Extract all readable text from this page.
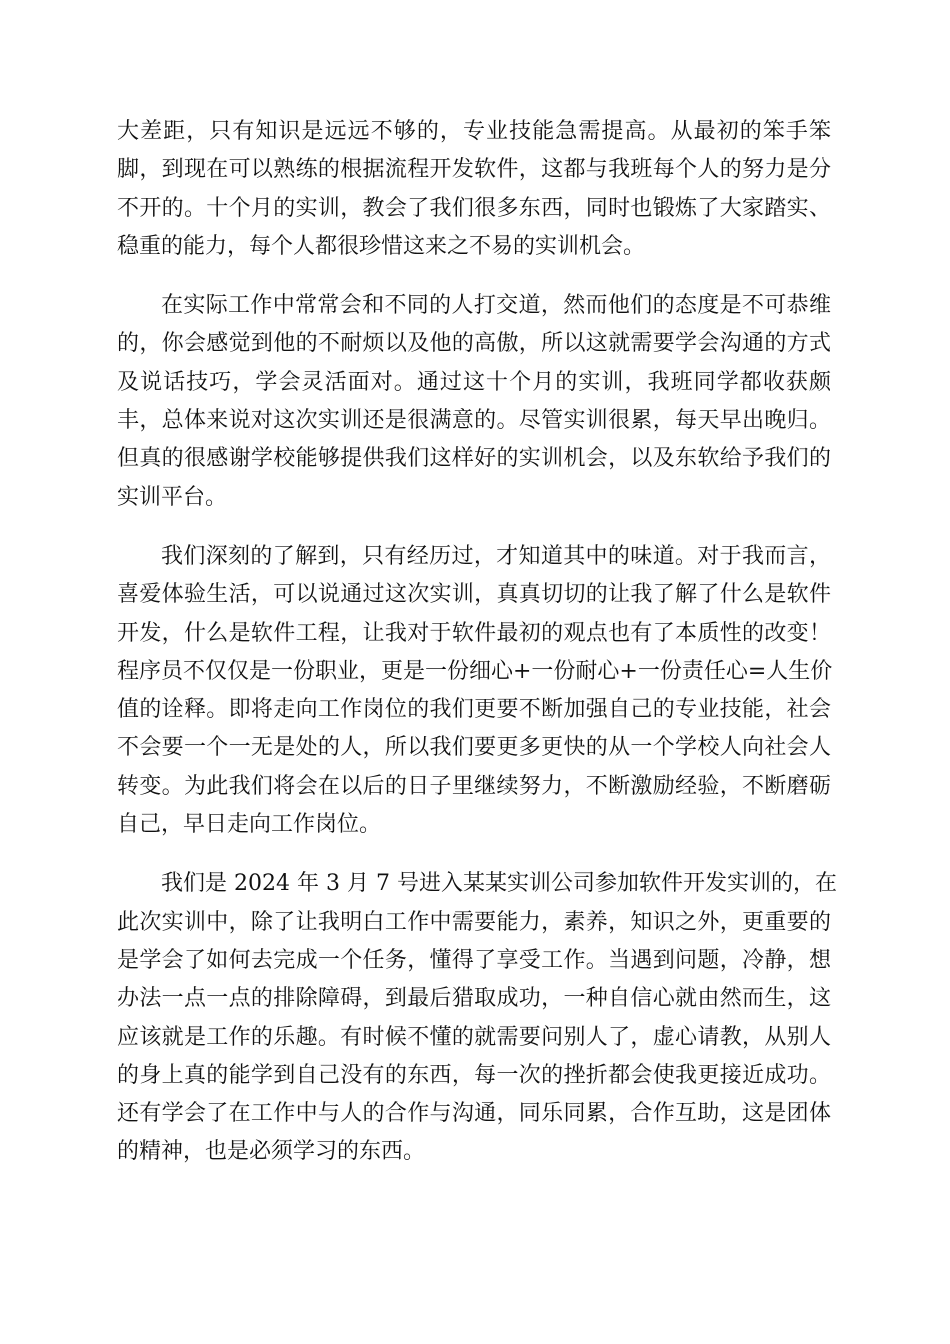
大差距，只有知识是远远不够的，专业技能急需提高。从最初的笨手笨
脚，到现在可以熟练的根据流程开发软件，这都与我班每个人的努力是分
不开的。十个月的实训，教会了我们很多东西，同时也锻炼了大家踏实、
稳重的能力，每个人都很珍惜这来之不易的实训机会。
在实际工作中常常会和不同的人打交道，然而他们的态度是不可恭维
的，你会感觉到他的不耐烦以及他的高傲，所以这就需要学会沟通的方式
及说话技巧，学会灵活面对。通过这十个月的实训，我班同学都收获颇
丰，总体来说对这次实训还是很满意的。尽管实训很累，每天早出晚归。
但真的很感谢学校能够提供我们这样好的实训机会，以及东软给予我们的
实训平台。
我们深刻的了解到，只有经历过，才知道其中的味道。对于我而言，
喜爱体验生活，可以说通过这次实训，真真切切的让我了解了什么是软件
开发，什么是软件工程，让我对于软件最初的观点也有了本质性的改变！
程序员不仅仅是一份职业，更是一份细心+一份耐心+一份责任心=人生价
值的诠释。即将走向工作岗位的我们更要不断加强自己的专业技能，社会
不会要一个一无是处的人，所以我们要更多更快的从一个学校人向社会人
转变。为此我们将会在以后的日子里继续努力，不断激励经验，不断磨砺
自己，早日走向工作岗位。
我们是 2024 年 3 月 7 号进入某某实训公司参加软件开发实训的，在
此次实训中，除了让我明白工作中需要能力，素养，知识之外，更重要的
是学会了如何去完成一个任务，懂得了享受工作。当遇到问题，冷静，想
办法一点一点的排除障碍，到最后猎取成功，一种自信心就由然而生，这
应该就是工作的乐趣。有时候不懂的就需要问别人了，虚心请教，从别人
的身上真的能学到自己没有的东西，每一次的挫折都会使我更接近成功。
还有学会了在工作中与人的合作与沟通，同乐同累，合作互助，这是团体
的精神，也是必须学习的东西。
